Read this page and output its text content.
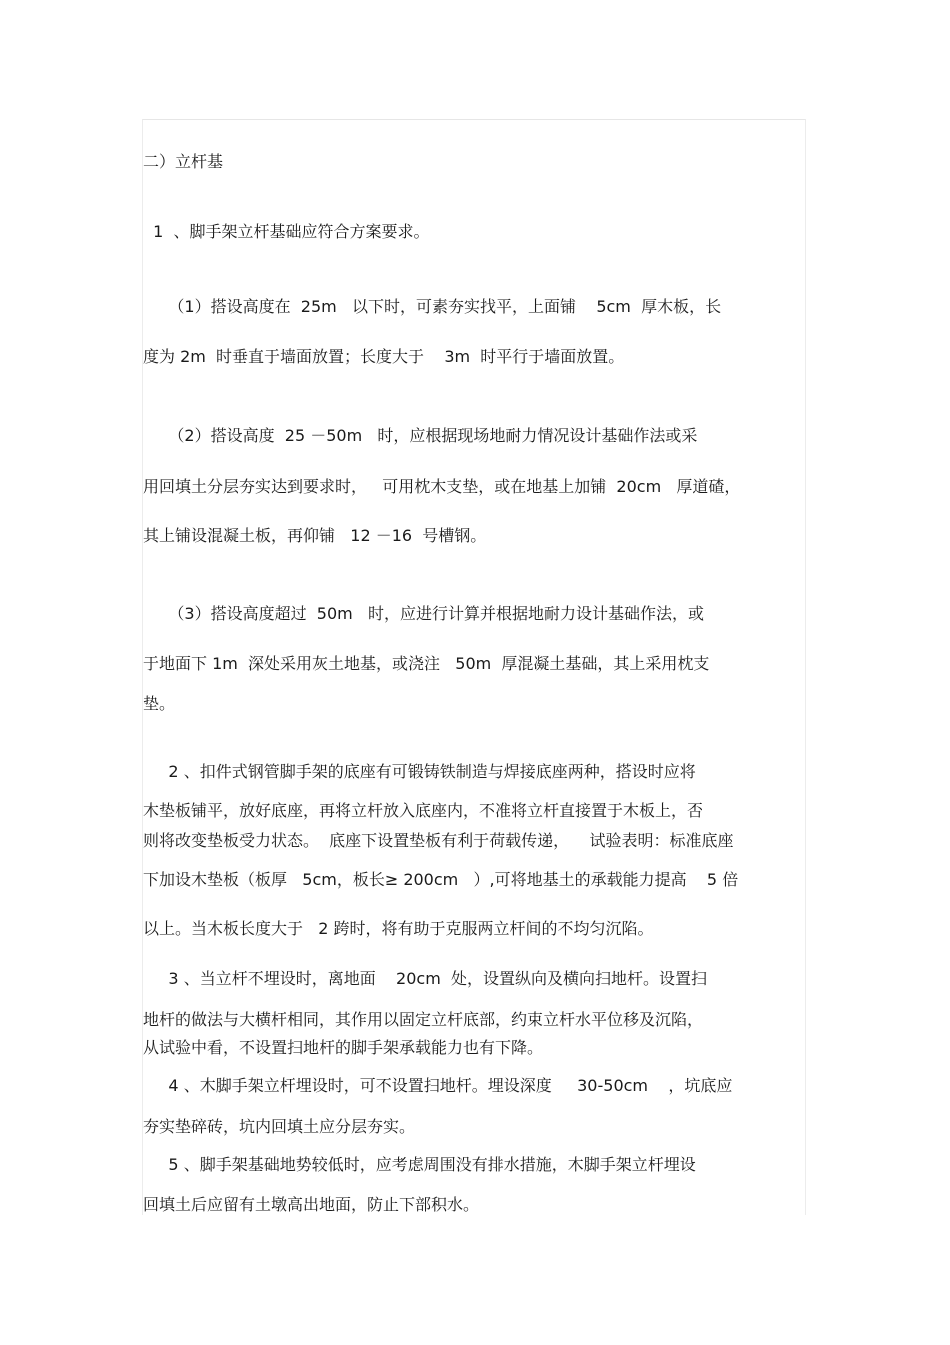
二）立杆基
1  、脚手架立杆基础应符合方案要求。
（1）搭设高度在  25m   以下时，可素夯实找平，上面铺    5cm  厚木板，长
度为 2m  时垂直于墙面放置；长度大于    3m  时平行于墙面放置。
（2）搭设高度  25 －50m   时，应根据现场地耐力情况设计基础作法或采
用回填土分层夯实达到要求时，   可用枕木支垫，或在地基上加铺  20cm   厚道碴，
其上铺设混凝土板，再仰铺   12 －16  号槽钢。
（3）搭设高度超过  50m   时，应进行计算并根据地耐力设计基础作法，或
于地面下 1m  深处采用灰土地基，或浇注   50m  厚混凝土基础，其上采用枕支
垫。
2 、扣件式钢管脚手架的底座有可锻铸铁制造与焊接底座两种，搭设时应将
木垫板铺平，放好底座，再将立杆放入底座内，不准将立杆直接置于木板上，否
则将改变垫板受力状态。  底座下设置垫板有利于荷载传递，    试验表明：标准底座
下加设木垫板（板厚   5cm，板长≥ 200cm   ）,可将地基土的承载能力提高    5 倍
以上。当木板长度大于   2 跨时，将有助于克服两立杆间的不均匀沉陷。
3 、当立杆不埋设时，离地面    20cm  处，设置纵向及横向扫地杆。设置扫
地杆的做法与大横杆相同，其作用以固定立杆底部，约束立杆水平位移及沉陷，
从试验中看，不设置扫地杆的脚手架承载能力也有下降。
4 、木脚手架立杆埋设时，可不设置扫地杆。埋设深度     30-50cm    ，坑底应
夯实垫碎砖，坑内回填土应分层夯实。
5 、脚手架基础地势较低时，应考虑周围没有排水措施，木脚手架立杆埋设
回填土后应留有土墩高出地面，防止下部积水。
